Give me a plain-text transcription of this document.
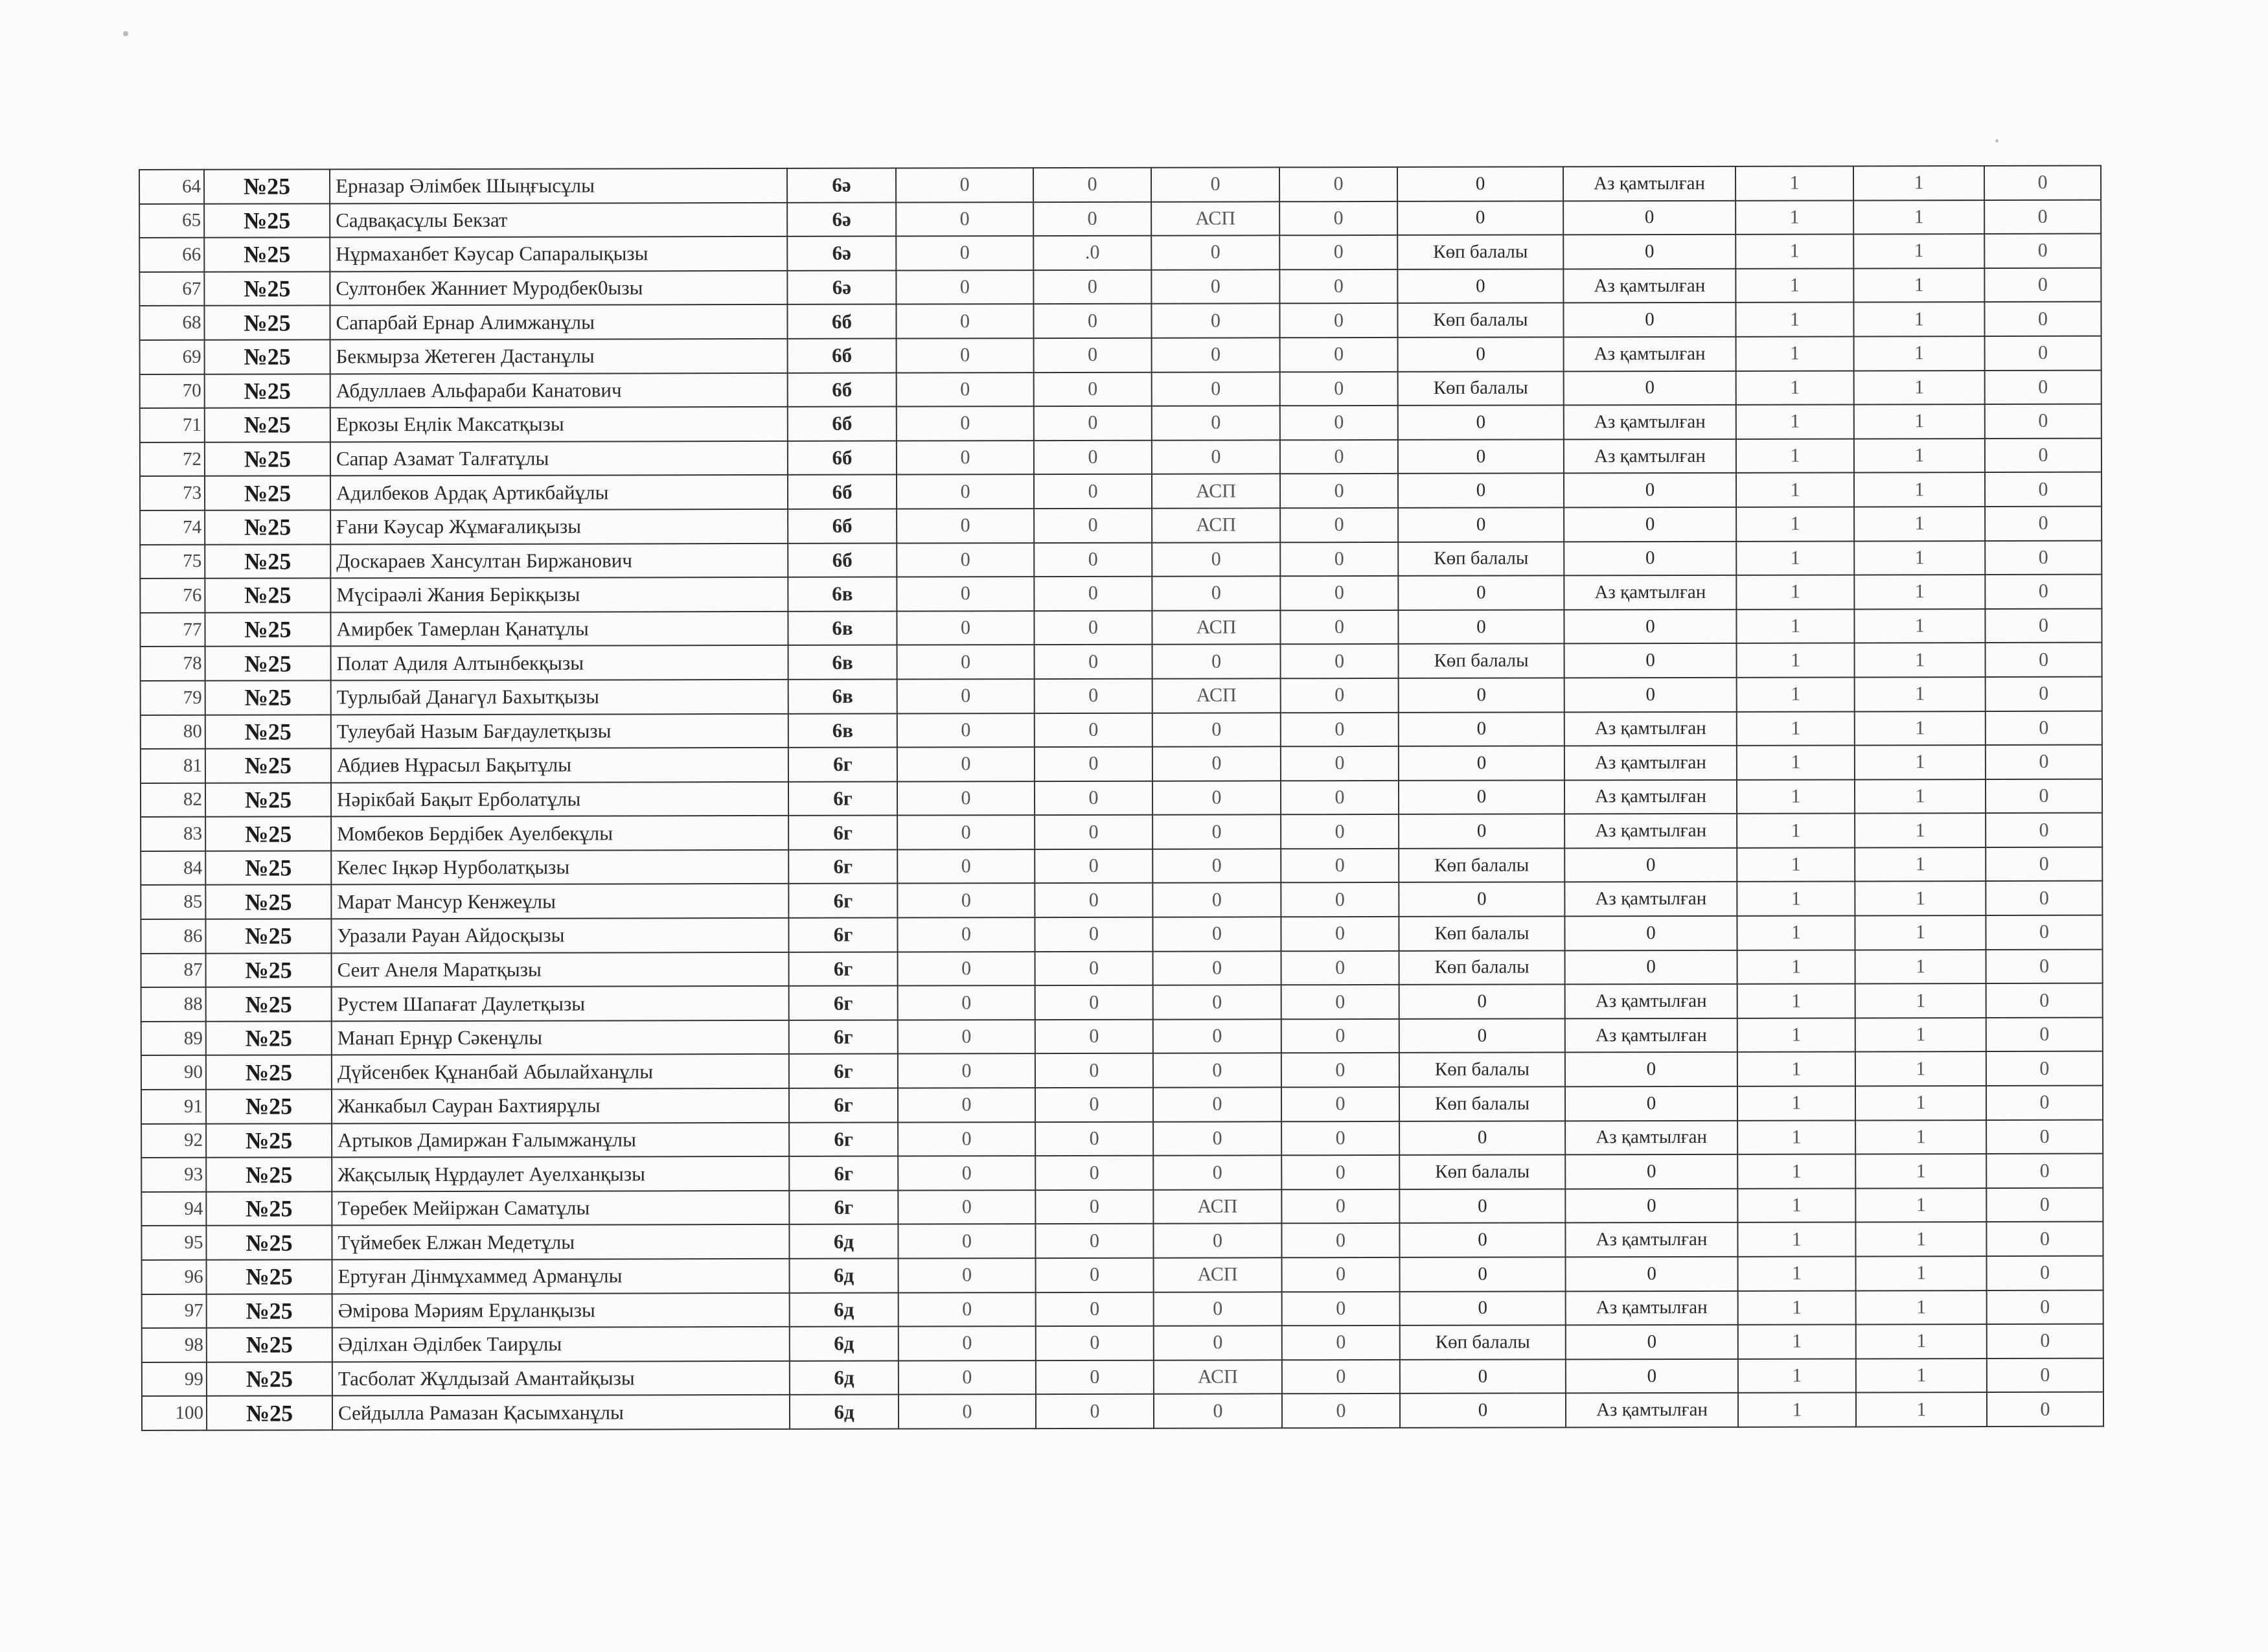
64	№25	Ерназар Әлімбек Шыңғысұлы	6ә	0	0	0	0	0	Аз қамтылған	1	1	0
65	№25	Садвақасұлы Бекзат	6ә	0	0	АСП	0	0	0	1	1	0
66	№25	Нұрмаханбет Кәусар Сапаралықызы	6ә	0	.0	0	0	Көп балалы	0	1	1	0
67	№25	Султонбек Жанниет Муродбек0ызы	6ә	0	0	0	0	0	Аз қамтылған	1	1	0
68	№25	Сапарбай Ернар Алимжанұлы	6б	0	0	0	0	Көп балалы	0	1	1	0
69	№25	Бекмырза Жетеген Дастанұлы	6б	0	0	0	0	0	Аз қамтылған	1	1	0
70	№25	Абдуллаев Альфараби Канатович	6б	0	0	0	0	Көп балалы	0	1	1	0
71	№25	Еркозы Еңлік Максатқызы	6б	0	0	0	0	0	Аз қамтылған	1	1	0
72	№25	Сапар Азамат Талғатұлы	6б	0	0	0	0	0	Аз қамтылған	1	1	0
73	№25	Адилбеков Ардақ Артикбайұлы	6б	0	0	АСП	0	0	0	1	1	0
74	№25	Ғани Кәусар Жұмағалиқызы	6б	0	0	АСП	0	0	0	1	1	0
75	№25	Доскараев Хансултан Биржанович	6б	0	0	0	0	Көп балалы	0	1	1	0
76	№25	Мүсіраәлі Жания Берікқызы	6в	0	0	0	0	0	Аз қамтылған	1	1	0
77	№25	Амирбек Тамерлан Қанатұлы	6в	0	0	АСП	0	0	0	1	1	0
78	№25	Полат Адиля Алтынбекқызы	6в	0	0	0	0	Көп балалы	0	1	1	0
79	№25	Турлыбай Данагүл Бахытқызы	6в	0	0	АСП	0	0	0	1	1	0
80	№25	Тулеубай Назым Бағдаулетқызы	6в	0	0	0	0	0	Аз қамтылған	1	1	0
81	№25	Абдиев Нұрасыл Бақытұлы	6г	0	0	0	0	0	Аз қамтылған	1	1	0
82	№25	Нәрікбай Бақыт Ерболатұлы	6г	0	0	0	0	0	Аз қамтылған	1	1	0
83	№25	Момбеков Бердібек Ауелбекұлы	6г	0	0	0	0	0	Аз қамтылған	1	1	0
84	№25	Келес Іңкәр Нурболатқызы	6г	0	0	0	0	Көп балалы	0	1	1	0
85	№25	Марат Мансур Кенжеұлы	6г	0	0	0	0	0	Аз қамтылған	1	1	0
86	№25	Уразали Рауан Айдосқызы	6г	0	0	0	0	Көп балалы	0	1	1	0
87	№25	Сеит Анеля Маратқызы	6г	0	0	0	0	Көп балалы	0	1	1	0
88	№25	Рустем Шапағат Даулетқызы	6г	0	0	0	0	0	Аз қамтылған	1	1	0
89	№25	Манап Ернұр Сәкенұлы	6г	0	0	0	0	0	Аз қамтылған	1	1	0
90	№25	Дүйсенбек Құнанбай Абылайханұлы	6г	0	0	0	0	Көп балалы	0	1	1	0
91	№25	Жанкабыл Сауран Бахтиярұлы	6г	0	0	0	0	Көп балалы	0	1	1	0
92	№25	Артыков Дамиржан Ғалымжанұлы	6г	0	0	0	0	0	Аз қамтылған	1	1	0
93	№25	Жақсылық Нұрдаулет Ауелханқызы	6г	0	0	0	0	Көп балалы	0	1	1	0
94	№25	Төребек Мейіржан Саматұлы	6г	0	0	АСП	0	0	0	1	1	0
95	№25	Түймебек Елжан Медетұлы	6д	0	0	0	0	0	Аз қамтылған	1	1	0
96	№25	Ертуған Дінмұхаммед Арманұлы	6д	0	0	АСП	0	0	0	1	1	0
97	№25	Әмірова Мәриям Ерұланқызы	6д	0	0	0	0	0	Аз қамтылған	1	1	0
98	№25	Әділхан Әділбек Таирұлы	6д	0	0	0	0	Көп балалы	0	1	1	0
99	№25	Тасболат Жұлдызай Амантайқызы	6д	0	0	АСП	0	0	0	1	1	0
100	№25	Сейдылла Рамазан Қасымханұлы	6д	0	0	0	0	0	Аз қамтылған	1	1	0
